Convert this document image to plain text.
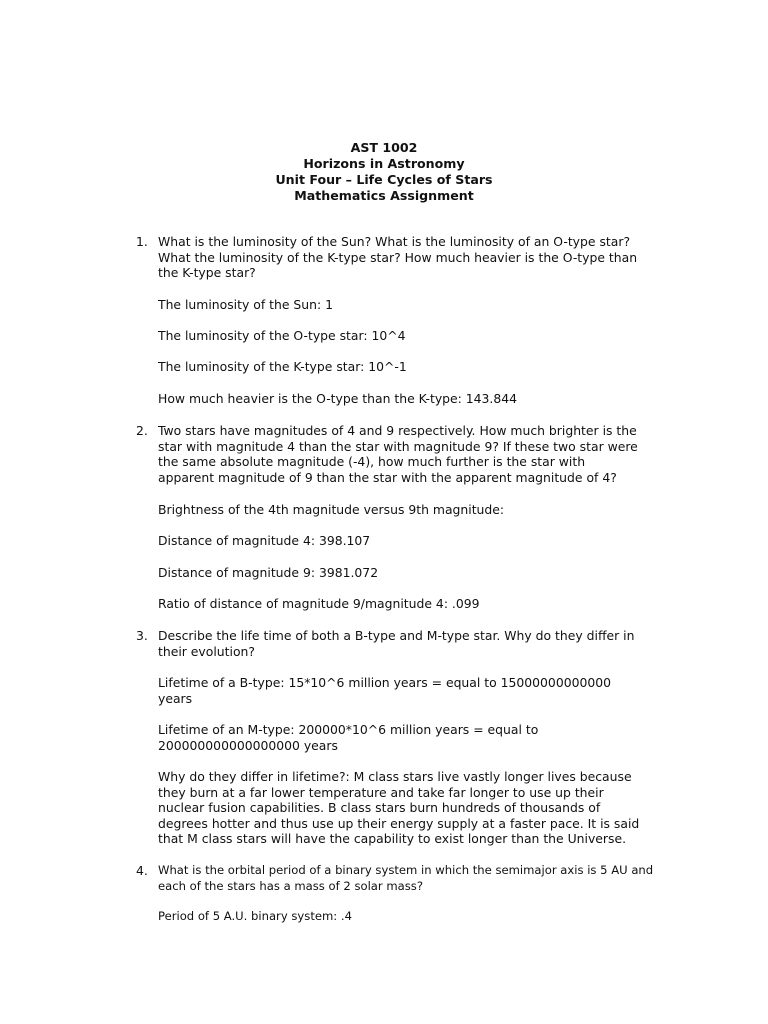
AST 1002
Horizons in Astronomy
Unit Four – Life Cycles of Stars
Mathematics Assignment
1. What is the luminosity of the Sun? What is the luminosity of an O-type star?
What the luminosity of the K-type star? How much heavier is the O-type than
the K-type star?
The luminosity of the Sun: 1
The luminosity of the O-type star: 10^4
The luminosity of the K-type star: 10^-1
How much heavier is the O-type than the K-type: 143.844
2. Two stars have magnitudes of 4 and 9 respectively. How much brighter is the
star with magnitude 4 than the star with magnitude 9? If these two star were
the same absolute magnitude (-4), how much further is the star with
apparent magnitude of 9 than the star with the apparent magnitude of 4?
Brightness of the 4th magnitude versus 9th magnitude:
Distance of magnitude 4: 398.107
Distance of magnitude 9: 3981.072
Ratio of distance of magnitude 9/magnitude 4: .099
3. Describe the life time of both a B-type and M-type star. Why do they differ in
their evolution?
Lifetime of a B-type: 15*10^6 million years = equal to 15000000000000
years
Lifetime of an M-type: 200000*10^6 million years = equal to
200000000000000000 years
Why do they differ in lifetime?: M class stars live vastly longer lives because
they burn at a far lower temperature and take far longer to use up their
nuclear fusion capabilities. B class stars burn hundreds of thousands of
degrees hotter and thus use up their energy supply at a faster pace. It is said
that M class stars will have the capability to exist longer than the Universe.
4. What is the orbital period of a binary system in which the semimajor axis is 5 AU and
each of the stars has a mass of 2 solar mass?
Period of 5 A.U. binary system: .4
